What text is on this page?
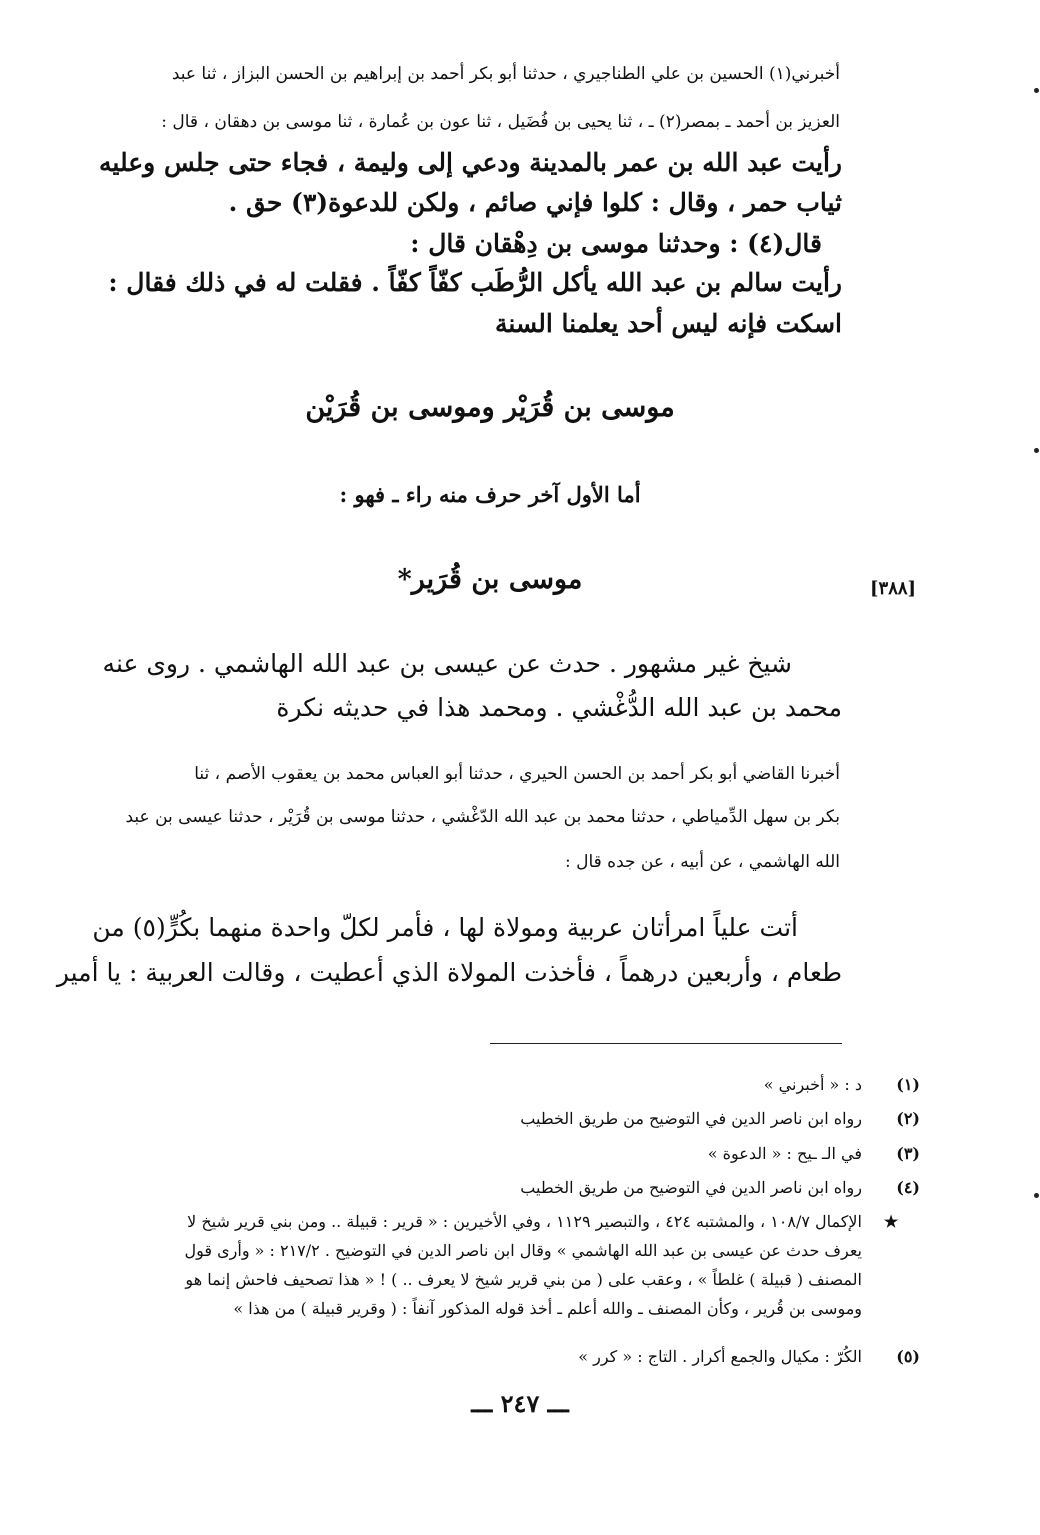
أخبرني(١) الحسين بن علي الطناجيري ، حدثنا أبو بكر أحمد بن إبراهيم بن الحسن البزاز ، ثنا عبد
العزيز بن أحمد ـ بمصر(٢) ـ ، ثنا يحيى بن فُضَيل ، ثنا عون بن عُمارة ، ثنا موسى بن دهقان ، قال :
رأيت عبد الله بن عمر بالمدينة ودعي إلى وليمة ، فجاء حتى جلس وعليه
ثياب حمر ، وقال : كلوا فإني صائم ، ولكن للدعوة(٣) حق .
قال(٤) : وحدثنا موسى بن دِهْقان قال :
رأيت سالم بن عبد الله يأكل الرُّطَب كفّاً كفّاً . فقلت له في ذلك فقال :
اسكت فإنه ليس أحد يعلمنا السنة
موسى بن قُرَيْر وموسى بن قُرَيْن
أما الأول آخر حرف منه راء ـ فهو :
[٣٨٨]
موسى بن قُرَير*
شيخ غير مشهور . حدث عن عيسى بن عبد الله الهاشمي . روى عنه
محمد بن عبد الله الدُّغْشي . ومحمد هذا في حديثه نكرة
أخبرنا القاضي أبو بكر أحمد بن الحسن الحيري ، حدثنا أبو العباس محمد بن يعقوب الأصم ، ثنا
بكر بن سهل الدِّمياطي ، حدثنا محمد بن عبد الله الدّغْشي ، حدثنا موسى بن قُرَيْر ، حدثنا عيسى بن عبد
الله الهاشمي ، عن أبيه ، عن جده قال :
أتت علياً امرأتان عربية ومولاة لها ، فأمر لكلّ واحدة منهما بكُرٍّ(٥) من
طعام ، وأربعين درهماً ، فأخذت المولاة الذي أعطيت ، وقالت العربية : يا أمير
(١)
د : « أخبرني »
(٢)
رواه ابن ناصر الدين في التوضيح من طريق الخطيب
(٣)
في الـ ـيح : « الدعوة »
(٤)
رواه ابن ناصر الدين في التوضيح من طريق الخطيب
★
الإكمال ١٠٨/٧ ، والمشتبه ٤٢٤ ، والتبصير ١١٢٩ ، وفي الأخيرين : « قرير : قبيلة .. ومن بني قرير شيخ لا
يعرف حدث عن عيسى بن عبد الله الهاشمي » وقال ابن ناصر الدين في التوضيح . ٢١٧/٢ : « وأرى قول
المصنف ( قبيلة ) غلطاً » ، وعقب على ( من بني قرير شيخ لا يعرف .. ) ! « هذا تصحيف فاحش إنما هو
وموسى بن قُرير ، وكأن المصنف ـ والله أعلم ـ أخذ قوله المذكور آنفاً : ( وقرير قبيلة ) من هذا »
(٥)
الكُرّ : مكيال والجمع أكرار . التاج : « كرر »
ـــ ٢٤٧ ـــ
